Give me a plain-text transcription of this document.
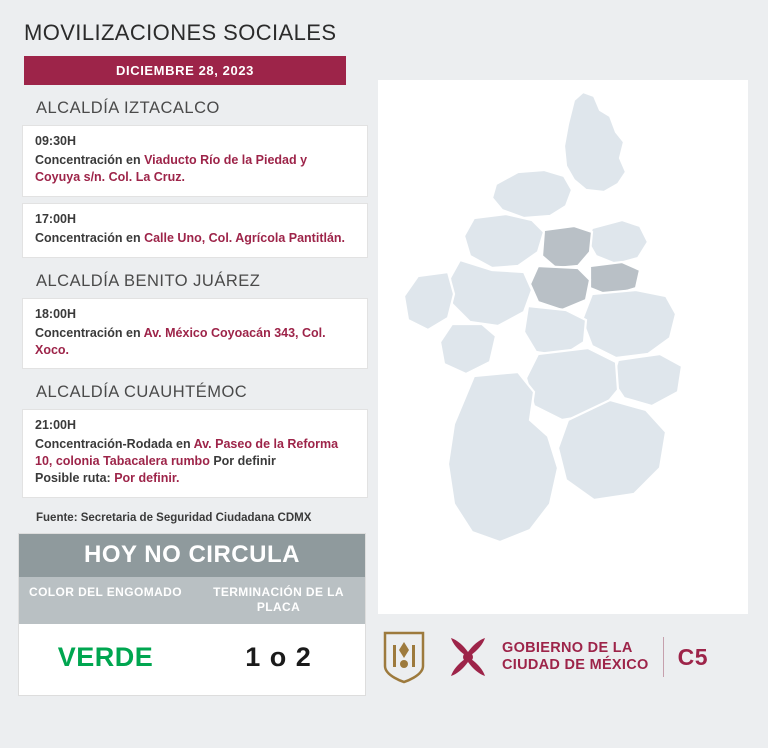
MOVILIZACIONES SOCIALES
DICIEMBRE 28, 2023
ALCALDÍA IZTACALCO
09:30H
Concentración en Viaducto Río de la Piedad y Coyuya s/n. Col. La Cruz.
17:00H
Concentración en Calle Uno, Col. Agrícola Pantitlán.
ALCALDÍA BENITO JUÁREZ
18:00H
Concentración en Av. México Coyoacán 343, Col. Xoco.
ALCALDÍA CUAUHTÉMOC
21:00H
Concentración-Rodada en Av. Paseo de la Reforma 10, colonia Tabacalera rumbo Por definir
Posible ruta: Por definir.
Fuente: Secretaria de Seguridad Ciudadana CDMX
HOY NO CIRCULA
COLOR DEL ENGOMADO	TERMINACIÓN DE LA PLACA
VERDE	1 o 2	GOBIERNO DE LA
CIUDAD DE MÉXICO C5
